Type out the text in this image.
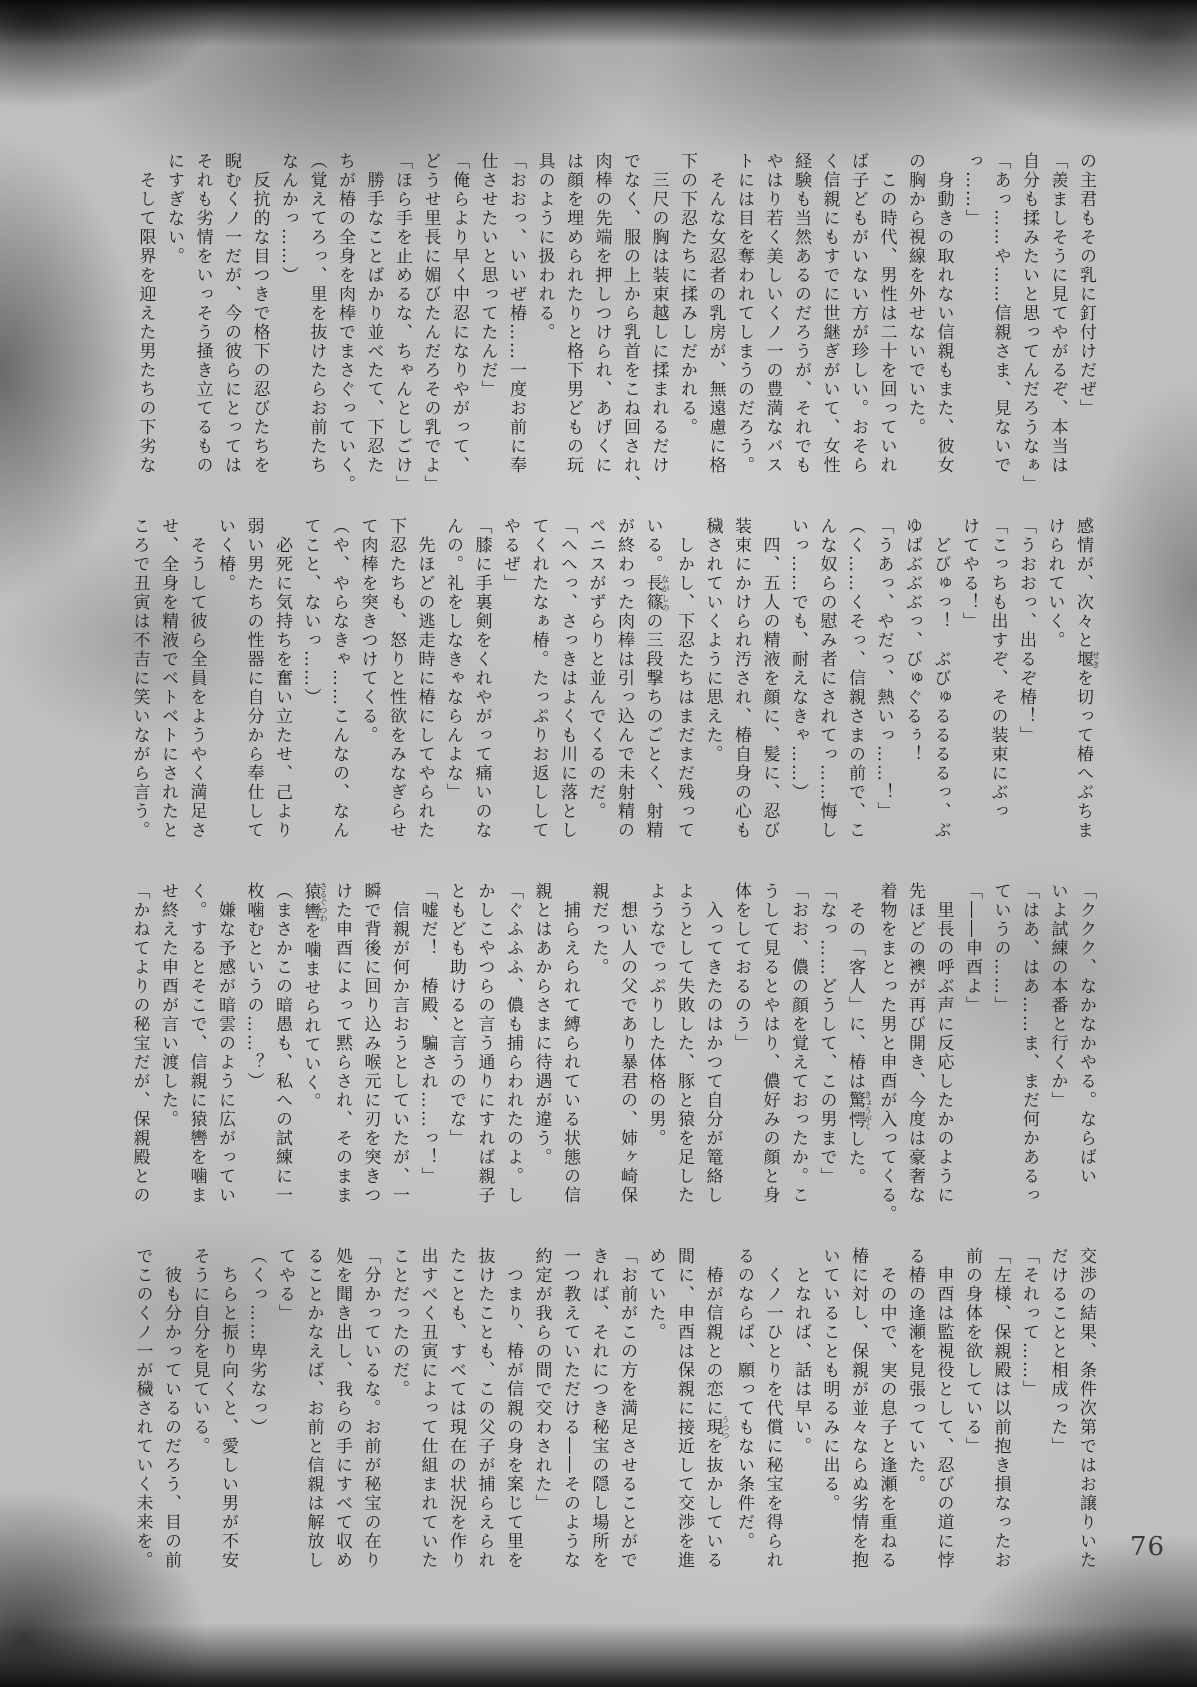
の主君もその乳に釘付けだぜ」
「羨ましそうに見てやがるぞ、本当は
自分も揉みたいと思ってんだろうなぁ」
「あっ……や……信親さま、見ないで
っ……」
　身動きの取れない信親もまた、彼女
の胸から視線を外せないでいた。
　この時代、男性は二十を回っていれ
ば子どもがいない方が珍しい。おそら
く信親にもすでに世継ぎがいて、女性
経験も当然あるのだろうが、それでも
やはり若く美しいくノ一の豊満なバス
トには目を奪われてしまうのだろう。
　そんな女忍者の乳房が、無遠慮に格
下の下忍たちに揉みしだかれる。
　三尺の胸は装束越しに揉まれるだけ
でなく、服の上から乳首をこね回され、
肉棒の先端を押しつけられ、あげくに
は顔を埋められたりと格下男どもの玩
具のように扱われる。
「おおっ、いいぜ椿……一度お前に奉
仕させたいと思ってたんだ」
「俺らより早く中忍になりやがって、
どうせ里長に媚びたんだろその乳でよ」
「ほら手を止めるな、ちゃんとしごけ」
　勝手なことばかり並べたて、下忍た
ちが椿の全身を肉棒でまさぐっていく。
（覚えてろっ、里を抜けたらお前たち
なんかっ……）
　反抗的な目つきで格下の忍びたちを
睨むくノ一だが、今の彼らにとっては
それも劣情をいっそう掻き立てるもの
にすぎない。
　そして限界を迎えた男たちの下劣な
感情が、次々と堰せきを切って椿へぶちま
けられていく。
「うおおっ、出るぞ椿！」
「こっちも出すぞ、その装束にぶっ
けてやる！」
　どびゅっ！　ぶびゅるるるるっ、ぶ
ゆばぶぶぶっ、びゅぐるぅ！
「うあっ、やだっ、熱いっ……！」
（く……くそっ、信親さまの前で、こ
んな奴らの慰み者にされてっ……悔し
いっ……でも、耐えなきゃ……）
　四、五人の精液を顔に、髪に、忍び
装束にかけられ汚され、椿自身の心も
穢されていくように思えた。
　しかし、下忍たちはまだまだ残って
いる。長篠ながしのの三段撃ちのごとく、射精
が終わった肉棒は引っ込んで未射精の
ペニスがずらりと並んでくるのだ。
「へへっ、さっきはよくも川に落とし
てくれたなぁ椿。たっぷりお返しして
やるぜ」
「膝に手裏剣をくれやがって痛いのな
んの。礼をしなきゃならんよな」
　先ほどの逃走時に椿にしてやられた
下忍たちも、怒りと性欲をみなぎらせ
て肉棒を突きつけてくる。
（や、やらなきゃ……こんなの、なん
てこと、ないっ……）
　必死に気持ちを奮い立たせ、己より
弱い男たちの性器に自分から奉仕して
いく椿。
　そうして彼ら全員をようやく満足さ
せ、全身を精液でベトベトにされたと
ころで丑寅は不吉に笑いながら言う。
「ククク、なかなかやる。ならばい
いよ試練の本番と行くか」
「はあ、はあ……ま、まだ何かあるっ
ていうの……」
「――申酉よ」
　里長の呼ぶ声に反応したかのように
先ほどの襖が再び開き、今度は豪奢な
着物をまとった男と申酉が入ってくる。
　その「客人」に、椿は驚愕きょうがくした。
「なっ……どうして、この男まで」
「おお、儂の顔を覚えておったか。こ
うして見るとやはり、儂好みの顔と身
体をしておるのう」
　入ってきたのはかつて自分が篭絡し
ようとして失敗した、豚と猿を足した
ようなでっぷりした体格の男。
　想い人の父であり暴君の、姉ヶ崎保
親だった。
　捕らえられて縛られている状態の信
親とはあからさまに待遇が違う。
「ぐふふふ、儂も捕らわれたのよ。し
かしこやつらの言う通りにすれば親子
ともども助けると言うのでな」
「嘘だ！　椿殿、騙され……っ！」
　信親が何か言おうとしていたが、一
瞬で背後に回り込み喉元に刃を突きつ
けた申酉によって黙らされ、そのまま
猿轡さるぐつわを噛ませられていく。
（まさかこの暗愚も、私への試練に一
枚噛むというの……？）
　嫌な予感が暗雲のように広がってい
く。するとそこで、信親に猿轡を噛ま
せ終えた申酉が言い渡した。
「かねてよりの秘宝だが、保親殿との
交渉の結果、条件次第ではお譲りいた
だけることと相成った」
「それって……」
「左様、保親殿は以前抱き損なったお
前の身体を欲している」
　申酉は監視役として、忍びの道に悖
る椿の逢瀬を見張っていた。
　その中で、実の息子と逢瀬を重ねる
椿に対し、保親が並々ならぬ劣情を抱
いていることも明るみに出る。
　となれば、話は早い。
　くノ一ひとりを代償に秘宝を得られ
るのならば、願ってもない条件だ。
　椿が信親との恋に現うつつを抜かしている
間に、申酉は保親に接近して交渉を進
めていた。
「お前がこの方を満足させることがで
きれば、それにつき秘宝の隠し場所を
一つ教えていただける――そのような
約定が我らの間で交わされた」
　つまり、椿が信親の身を案じて里を
抜けたことも、この父子が捕らえられ
たことも、すべては現在の状況を作り
出すべく丑寅によって仕組まれていた
ことだったのだ。
「分かっているな。お前が秘宝の在り
処を聞き出し、我らの手にすべて収め
ることかなえば、お前と信親は解放し
てやる」
（くっ……卑劣なっ）
　ちらと振り向くと、愛しい男が不安
そうに自分を見ている。
　彼も分かっているのだろう、目の前
でこのくノ一が穢されていく未来を。	76
